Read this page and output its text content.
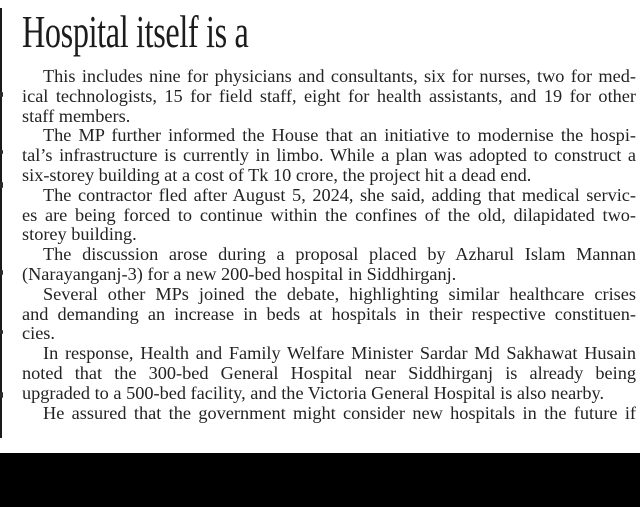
Hospital itself is a
This includes nine for physicians and consultants, six for nurses, two for med-
ical technologists, 15 for field staff, eight for health assistants, and 19 for other
staff members.
The MP further informed the House that an initiative to modernise the hospi-
tal’s infrastructure is currently in limbo. While a plan was adopted to construct a
six-storey building at a cost of Tk 10 crore, the project hit a dead end.
The contractor fled after August 5, 2024, she said, adding that medical servic-
es are being forced to continue within the confines of the old, dilapidated two-
storey building.
The discussion arose during a proposal placed by Azharul Islam Mannan
(Narayanganj-3) for a new 200-bed hospital in Siddhirganj.
Several other MPs joined the debate, highlighting similar healthcare crises
and demanding an increase in beds at hospitals in their respective constituen-
cies.
In response, Health and Family Welfare Minister Sardar Md Sakhawat Husain
noted that the 300-bed General Hospital near Siddhirganj is already being
upgraded to a 500-bed facility, and the Victoria General Hospital is also nearby.
He assured that the government might consider new hospitals in the future if
